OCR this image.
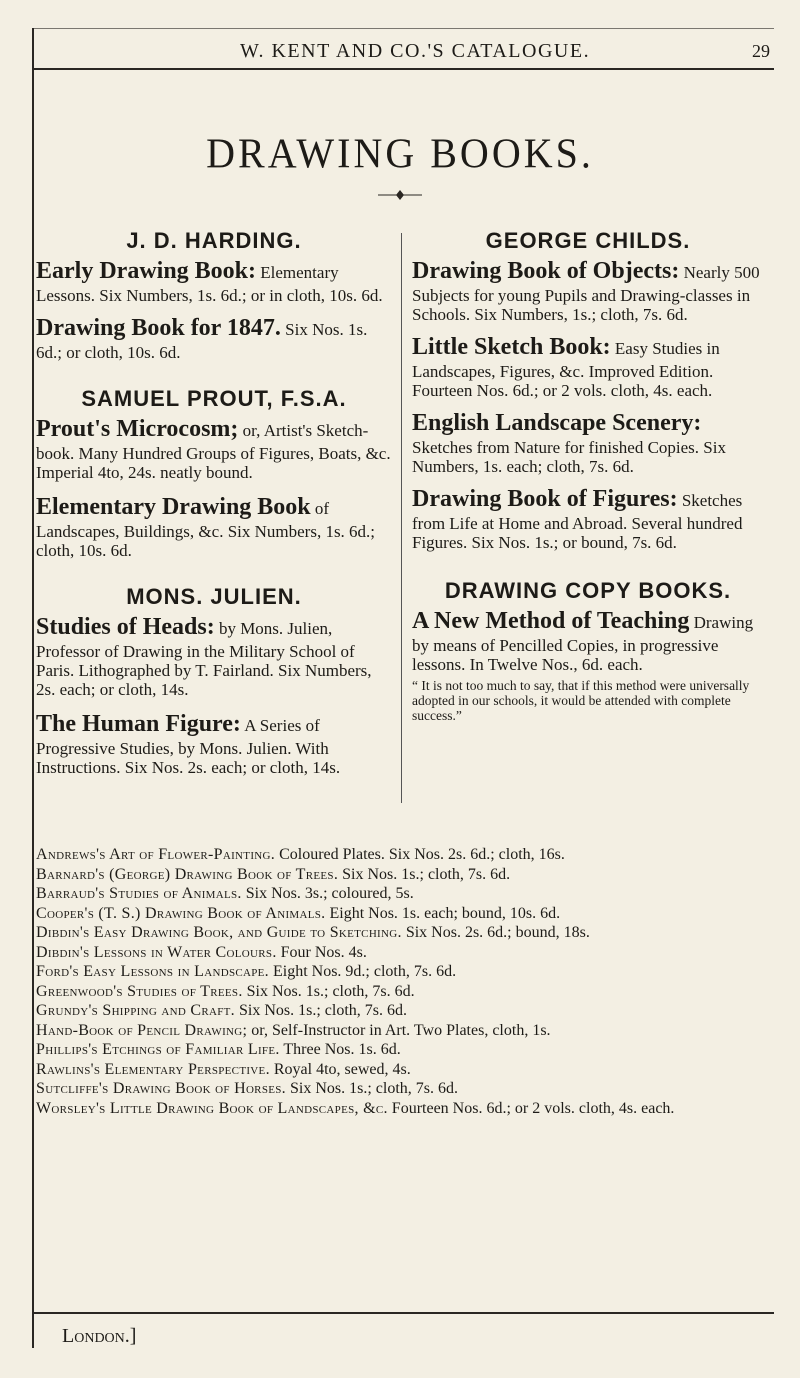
W. KENT AND CO.'S CATALOGUE.	29
DRAWING BOOKS.

J. D. HARDING.

Early Drawing Book: Elementary Lessons. Six Numbers, 1s. 6d.; or in cloth, 10s. 6d.

Drawing Book for 1847. Six Nos. 1s. 6d.; or cloth, 10s. 6d.

SAMUEL PROUT, F.S.A.

Prout's Microcosm; or, Artist's Sketch-book. Many Hundred Groups of Figures, Boats, &c. Imperial 4to, 24s. neatly bound.

Elementary Drawing Book of Landscapes, Buildings, &c. Six Numbers, 1s. 6d.; cloth, 10s. 6d.

MONS. JULIEN.

Studies of Heads: by Mons. Julien, Professor of Drawing in the Military School of Paris. Lithographed by T. Fairland. Six Numbers, 2s. each; or cloth, 14s.

The Human Figure: A Series of Progressive Studies, by Mons. Julien. With Instructions. Six Nos. 2s. each; or cloth, 14s.

GEORGE CHILDS.

Drawing Book of Objects: Nearly 500 Subjects for young Pupils and Drawing-classes in Schools. Six Numbers, 1s.; cloth, 7s. 6d.

Little Sketch Book: Easy Studies in Landscapes, Figures, &c. Improved Edition. Fourteen Nos. 6d.; or 2 vols. cloth, 4s. each.

English Landscape Scenery: Sketches from Nature for finished Copies. Six Numbers, 1s. each; cloth, 7s. 6d.

Drawing Book of Figures: Sketches from Life at Home and Abroad. Several hundred Figures. Six Nos. 1s.; or bound, 7s. 6d.

DRAWING COPY BOOKS.

A New Method of Teaching Drawing by means of Pencilled Copies, in progressive lessons. In Twelve Nos., 6d. each.

“ It is not too much to say, that if this method were universally adopted in our schools, it would be attended with complete success.”

Andrews's Art of Flower-Painting. Coloured Plates. Six Nos. 2s. 6d.; cloth, 16s.

Barnard's (George) Drawing Book of Trees. Six Nos. 1s.; cloth, 7s. 6d.

Barraud's Studies of Animals. Six Nos. 3s.; coloured, 5s.

Cooper's (T. S.) Drawing Book of Animals. Eight Nos. 1s. each; bound, 10s. 6d.

Dibdin's Easy Drawing Book, and Guide to Sketching. Six Nos. 2s. 6d.; bound, 18s.

Dibdin's Lessons in Water Colours. Four Nos. 4s.

Ford's Easy Lessons in Landscape. Eight Nos. 9d.; cloth, 7s. 6d.

Greenwood's Studies of Trees. Six Nos. 1s.; cloth, 7s. 6d.

Grundy's Shipping and Craft. Six Nos. 1s.; cloth, 7s. 6d.

Hand-Book of Pencil Drawing; or, Self-Instructor in Art. Two Plates, cloth, 1s.

Phillips's Etchings of Familiar Life. Three Nos. 1s. 6d.

Rawlins's Elementary Perspective. Royal 4to, sewed, 4s.

Sutcliffe's Drawing Book of Horses. Six Nos. 1s.; cloth, 7s. 6d.

Worsley's Little Drawing Book of Landscapes, &c. Fourteen Nos. 6d.; or 2 vols. cloth, 4s. each.

London.]
